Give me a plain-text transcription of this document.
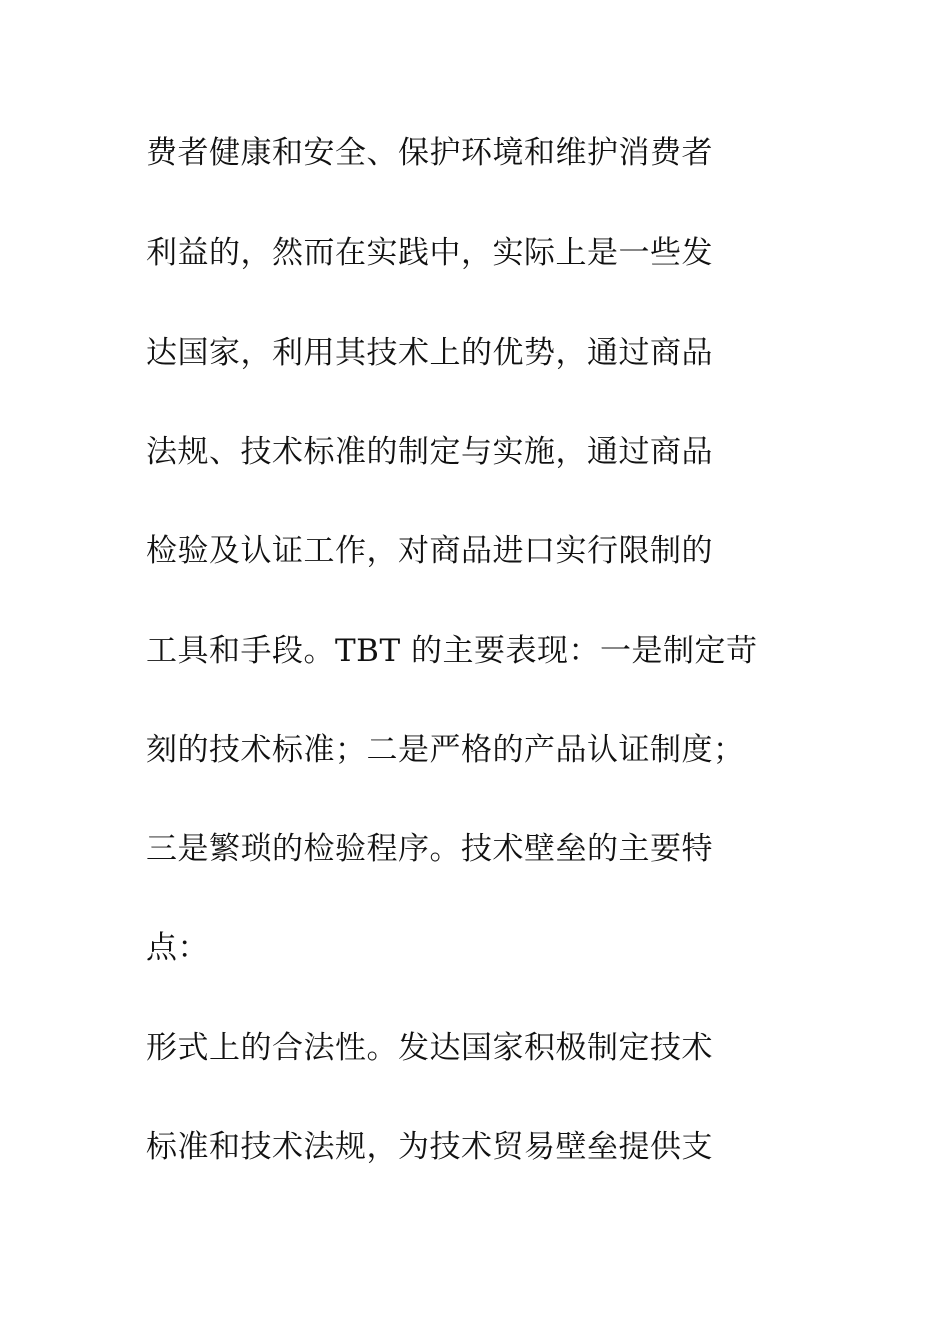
费者健康和安全、保护环境和维护消费者
利益的，然而在实践中，实际上是一些发
达国家，利用其技术上的优势，通过商品
法规、技术标准的制定与实施，通过商品
检验及认证工作，对商品进口实行限制的
工具和手段。TBT 的主要表现：一是制定苛
刻的技术标准；二是严格的产品认证制度；
三是繁琐的检验程序。技术壁垒的主要特
点：
形式上的合法性。发达国家积极制定技术
标准和技术法规，为技术贸易壁垒提供支
